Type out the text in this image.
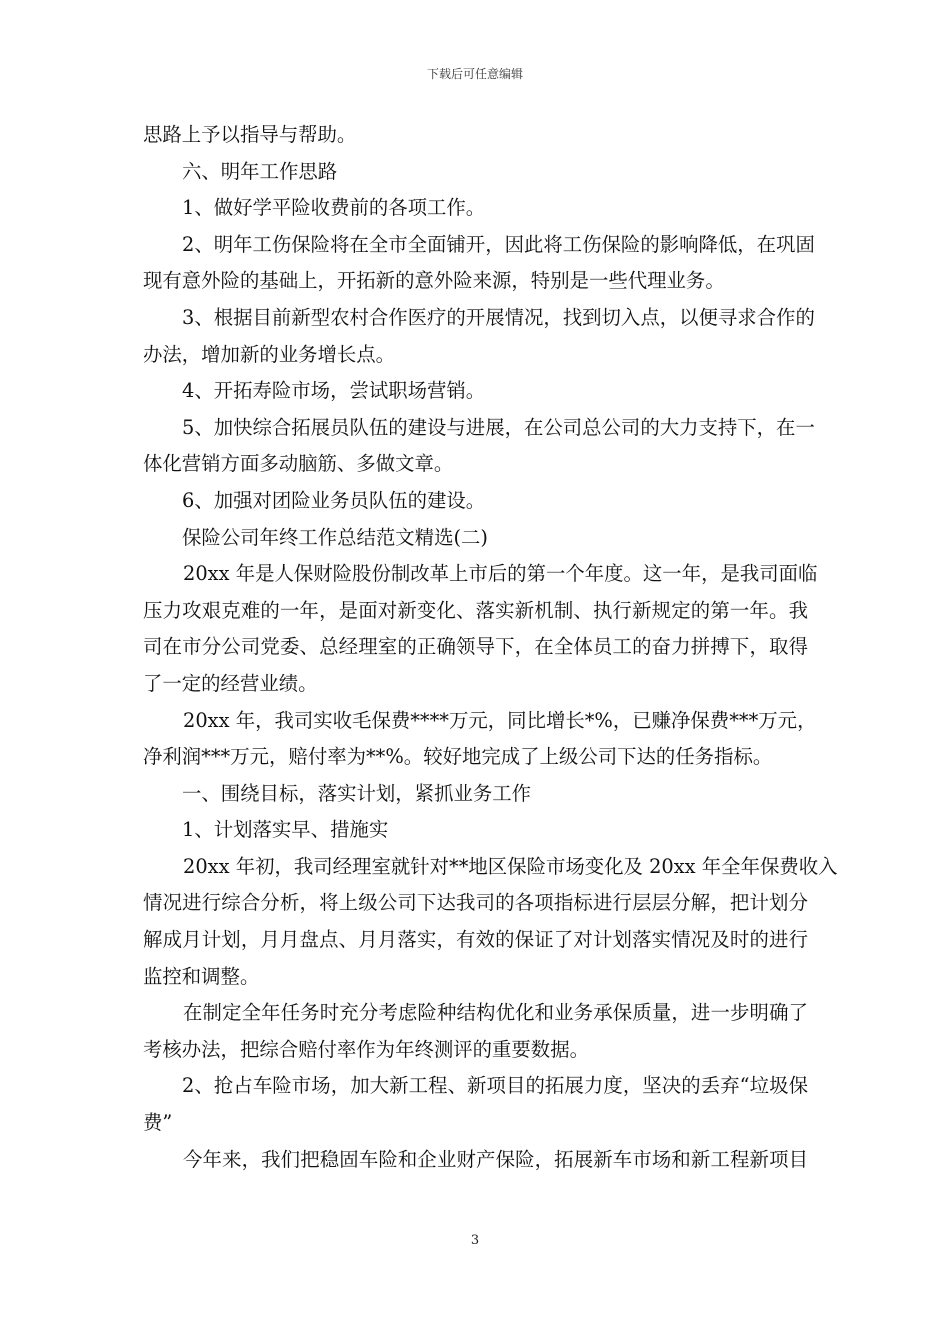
下载后可任意编辑
思路上予以指导与帮助。
六、明年工作思路
1、做好学平险收费前的各项工作。
2、明年工伤保险将在全市全面铺开，因此将工伤保险的影响降低，在巩固
现有意外险的基础上，开拓新的意外险来源，特别是一些代理业务。
3、根据目前新型农村合作医疗的开展情况，找到切入点，以便寻求合作的
办法，增加新的业务增长点。
4、开拓寿险市场，尝试职场营销。
5、加快综合拓展员队伍的建设与进展，在公司总公司的大力支持下，在一
体化营销方面多动脑筋、多做文章。
6、加强对团险业务员队伍的建设。
保险公司年终工作总结范文精选(二)
20xx 年是人保财险股份制改革上市后的第一个年度。这一年，是我司面临
压力攻艰克难的一年，是面对新变化、落实新机制、执行新规定的第一年。我
司在市分公司党委、总经理室的正确领导下，在全体员工的奋力拼搏下，取得
了一定的经营业绩。
20xx 年，我司实收毛保费****万元，同比增长*%，已赚净保费***万元，
净利润***万元，赔付率为**%。较好地完成了上级公司下达的任务指标。
一、围绕目标，落实计划，紧抓业务工作
1、计划落实早、措施实
20xx 年初，我司经理室就针对**地区保险市场变化及 20xx 年全年保费收入
情况进行综合分析，将上级公司下达我司的各项指标进行层层分解，把计划分
解成月计划，月月盘点、月月落实，有效的保证了对计划落实情况及时的进行
监控和调整。
在制定全年任务时充分考虑险种结构优化和业务承保质量，进一步明确了
考核办法，把综合赔付率作为年终测评的重要数据。
2、抢占车险市场，加大新工程、新项目的拓展力度，坚决的丢弃“垃圾保
费”
今年来，我们把稳固车险和企业财产保险，拓展新车市场和新工程新项目
3
